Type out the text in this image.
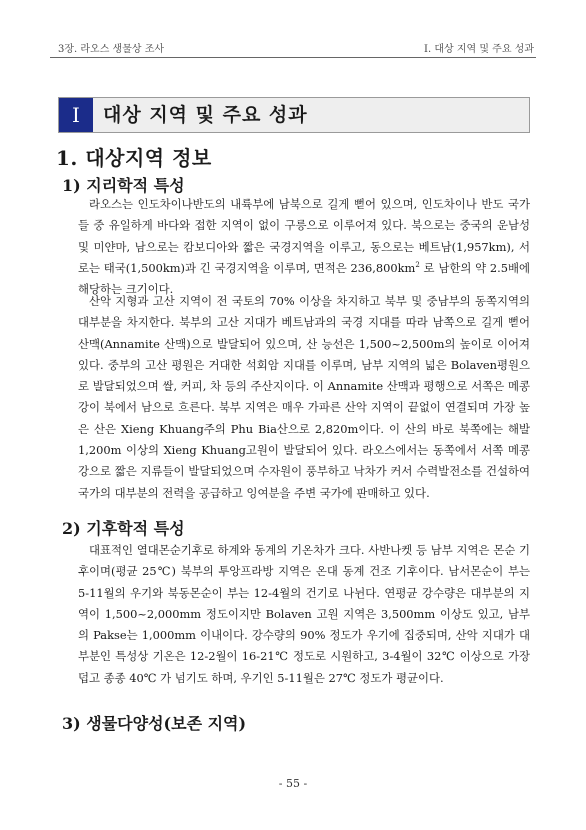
3장. 라오스 생물상 조사	Ⅰ. 대상 지역 및 주요 성과
I	대상 지역 및 주요 성과
1. 대상지역 정보
1) 지리학적 특성

라오스는 인도차이나반도의 내륙부에 남북으로 길게 뻗어 있으며, 인도차이나 반도 국가들 중 유일하게 바다와 접한 지역이 없이 구릉으로 이루어져 있다. 북으로는 중국의 운남성 및 미얀마, 남으로는 캄보디아와 짧은 국경지역을 이루고, 동으로는 베트남(1,957km), 서로는 태국(1,500km)과 긴 국경지역을 이루며, 면적은 $236,800km^2$ 로 남한의 약 2.5배에 해당하는 크기이다.

산악 지형과 고산 지역이 전 국토의 70% 이상을 차지하고 북부 및 중남부의 동쪽지역의 대부분을 차지한다. 북부의 고산 지대가 베트남과의 국경 지대를 따라 남쪽으로 길게 뻗어 산맥(Annamite 산맥)으로 발달되어 있으며, 산 능선은 1,500~2,500m의 높이로 이어져 있다. 중부의 고산 평원은 거대한 석회암 지대를 이루며, 남부 지역의 넓은 Bolaven평원으로 발달되었으며 쌀, 커피, 차 등의 주산지이다. 이 Annamite 산맥과 평행으로 서쪽은 메콩강이 북에서 남으로 흐른다. 북부 지역은 매우 가파른 산악 지역이 끝없이 연결되며 가장 높은 산은 Xieng Khuang주의 Phu Bia산으로 2,820m이다. 이 산의 바로 북쪽에는 해발 1,200m 이상의 Xieng Khuang고원이 발달되어 있다. 라오스에서는 동쪽에서 서쪽 메콩강으로 짧은 지류들이 발달되었으며 수자원이 풍부하고 낙차가 커서 수력발전소를 건설하여 국가의 대부분의 전력을 공급하고 잉여분을 주변 국가에 판매하고 있다.

2) 기후학적 특성

대표적인 열대몬순기후로 하계와 동계의 기온차가 크다. 사반나켓 등 남부 지역은 몬순 기후이며(평균 25℃) 북부의 투앙프라방 지역은 온대 동계 건조 기후이다. 남서몬순이 부는 5-11월의 우기와 북동몬순이 부는 12-4월의 건기로 나뉜다. 연평균 강수량은 대부분의 지역이 1,500~2,000mm 정도이지만 Bolaven 고원 지역은 3,500mm 이상도 있고, 남부의 Pakse는 1,000mm 이내이다. 강수량의 90% 정도가 우기에 집중되며, 산악 지대가 대부분인 특성상 기온은 12-2월이 16-21℃ 정도로 시원하고, 3-4월이 32℃ 이상으로 가장 덥고 종종 40℃ 가 넘기도 하며, 우기인 5-11월은 27℃ 정도가 평균이다.

3) 생물다양성(보존 지역)
- 55 -
